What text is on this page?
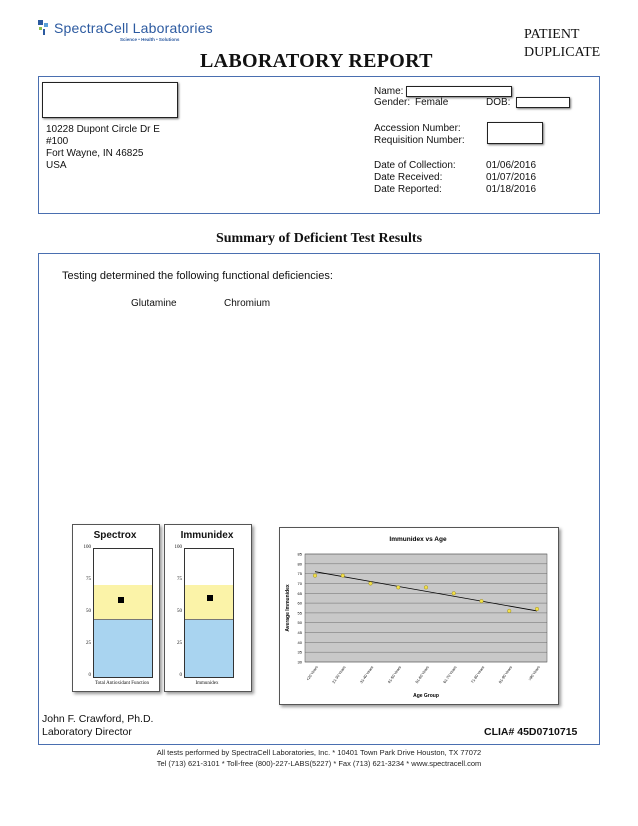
SpectraCell Laboratories
Science • Health • Solutions	PATIENT
DUPLICATE
LABORATORY REPORT
10228 Dupont Circle Dr E
#100
Fort Wayne, IN 46825
USA
Name:
Gender: Female	DOB:
Accession Number:
Requisition Number:
Date of Collection:	01/06/2016
Date Received:	01/07/2016
Date Reported:	01/18/2016
Summary of Deficient Test Results
Testing determined the following functional deficiencies:
Glutamine	Chromium
Spectrox
100
75
50
25
0
Total Antioxidant Function
Immunidex
100
75
50
25
0
Immunidex
Immunidex vs Age
85
80
75
70
65
60
55
50
45
40
35
30
Average Immunidex
<20 Years	21-30 Years	31-40 Years	41-50 Years	51-60 Years	61-70 Years	71-80 Years	81-90 Years	>90 Years
Age Group
John F. Crawford, Ph.D.
Laboratory Director	CLIA# 45D0710715
All tests performed by SpectraCell Laboratories, Inc. * 10401 Town Park Drive Houston, TX 77072
Tel (713) 621-3101 * Toll-free (800)-227-LABS(5227) * Fax (713) 621-3234 * www.spectracell.com
